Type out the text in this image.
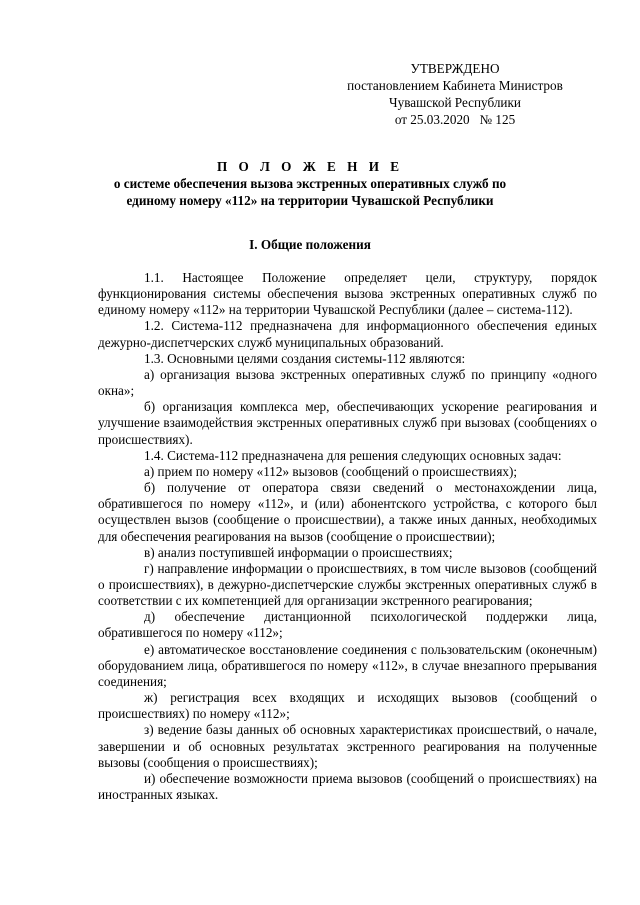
УТВЕРЖДЕНО
постановлением Кабинета Министров
Чувашской Республики
от 25.03.2020   № 125
П О Л О Ж Е Н И Е
о системе обеспечения вызова экстренных оперативных служб по единому номеру «112» на территории Чувашской Республики
I. Общие положения

1.1. Настоящее Положение определяет цели, структуру, порядок функционирования системы обеспечения вызова экстренных оперативных служб по единому номеру «112» на территории Чувашской Республики (далее – система-112).

1.2. Система-112 предназначена для информационного обеспечения единых дежурно-диспетчерских служб муниципальных образований.

1.3. Основными целями создания системы-112 являются:

а) организация вызова экстренных оперативных служб по принципу «одного окна»;

б) организация комплекса мер, обеспечивающих ускорение реагирования и улучшение взаимодействия экстренных оперативных служб при вызовах (сообщениях о происшествиях).

1.4. Система-112 предназначена для решения следующих основных задач:

а) прием по номеру «112» вызовов (сообщений о происшествиях);

б) получение от оператора связи сведений о местонахождении лица, обратившегося по номеру «112», и (или) абонентского устройства, с которого был осуществлен вызов (сообщение о происшествии), а также иных данных, необходимых для обеспечения реагирования на вызов (сообщение о происшествии);

в) анализ поступившей информации о происшествиях;

г) направление информации о происшествиях, в том числе вызовов (сообщений о происшествиях), в дежурно-диспетчерские службы экстренных оперативных служб в соответствии с их компетенцией для организации экстренного реагирования;

д) обеспечение дистанционной психологической поддержки лица, обратившегося по номеру «112»;

е) автоматическое восстановление соединения с пользовательским (оконечным) оборудованием лица, обратившегося по номеру «112», в случае внезапного прерывания соединения;

ж) регистрация всех входящих и исходящих вызовов (сообщений о происшествиях) по номеру «112»;

з) ведение базы данных об основных характеристиках происшествий, о начале, завершении и об основных результатах экстренного реагирования на полученные вызовы (сообщения о происшествиях);

и) обеспечение возможности приема вызовов (сообщений о происшествиях) на иностранных языках.
